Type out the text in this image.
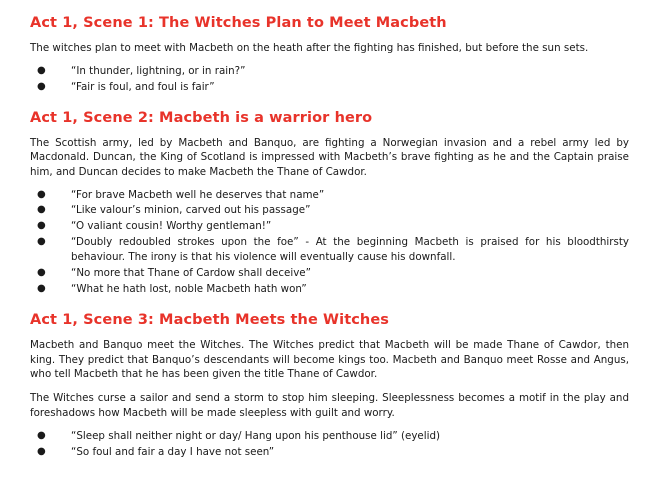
Act 1, Scene 1: The Witches Plan to Meet Macbeth

The witches plan to meet with Macbeth on the heath after the fighting has finished, but before the sun sets.

●	“In thunder, lightning, or in rain?”
●	“Fair is foul, and foul is fair”
Act 1, Scene 2: Macbeth is a warrior hero

The Scottish army, led by Macbeth and Banquo, are fighting a Norwegian invasion and a rebel army led by Macdonald. Duncan, the King of Scotland is impressed with Macbeth’s brave fighting as he and the Captain praise him, and Duncan decides to make Macbeth the Thane of Cawdor.

●	“For brave Macbeth well he deserves that name”
●	“Like valour’s minion, carved out his passage”
●	“O valiant cousin! Worthy gentleman!”
●	“Doubly redoubled strokes upon the foe” - At the beginning Macbeth is praised for his bloodthirsty behaviour. The irony is that his violence will eventually cause his downfall.
●	“No more that Thane of Cardow shall deceive”
●	“What he hath lost, noble Macbeth hath won”
Act 1, Scene 3: Macbeth Meets the Witches

Macbeth and Banquo meet the Witches. The Witches predict that Macbeth will be made Thane of Cawdor, then king. They predict that Banquo’s descendants will become kings too. Macbeth and Banquo meet Rosse and Angus, who tell Macbeth that he has been given the title Thane of Cawdor.

The Witches curse a sailor and send a storm to stop him sleeping. Sleeplessness becomes a motif in the play and foreshadows how Macbeth will be made sleepless with guilt and worry.

●	“Sleep shall neither night or day/ Hang upon his penthouse lid” (eyelid)
●	“So foul and fair a day I have not seen”
